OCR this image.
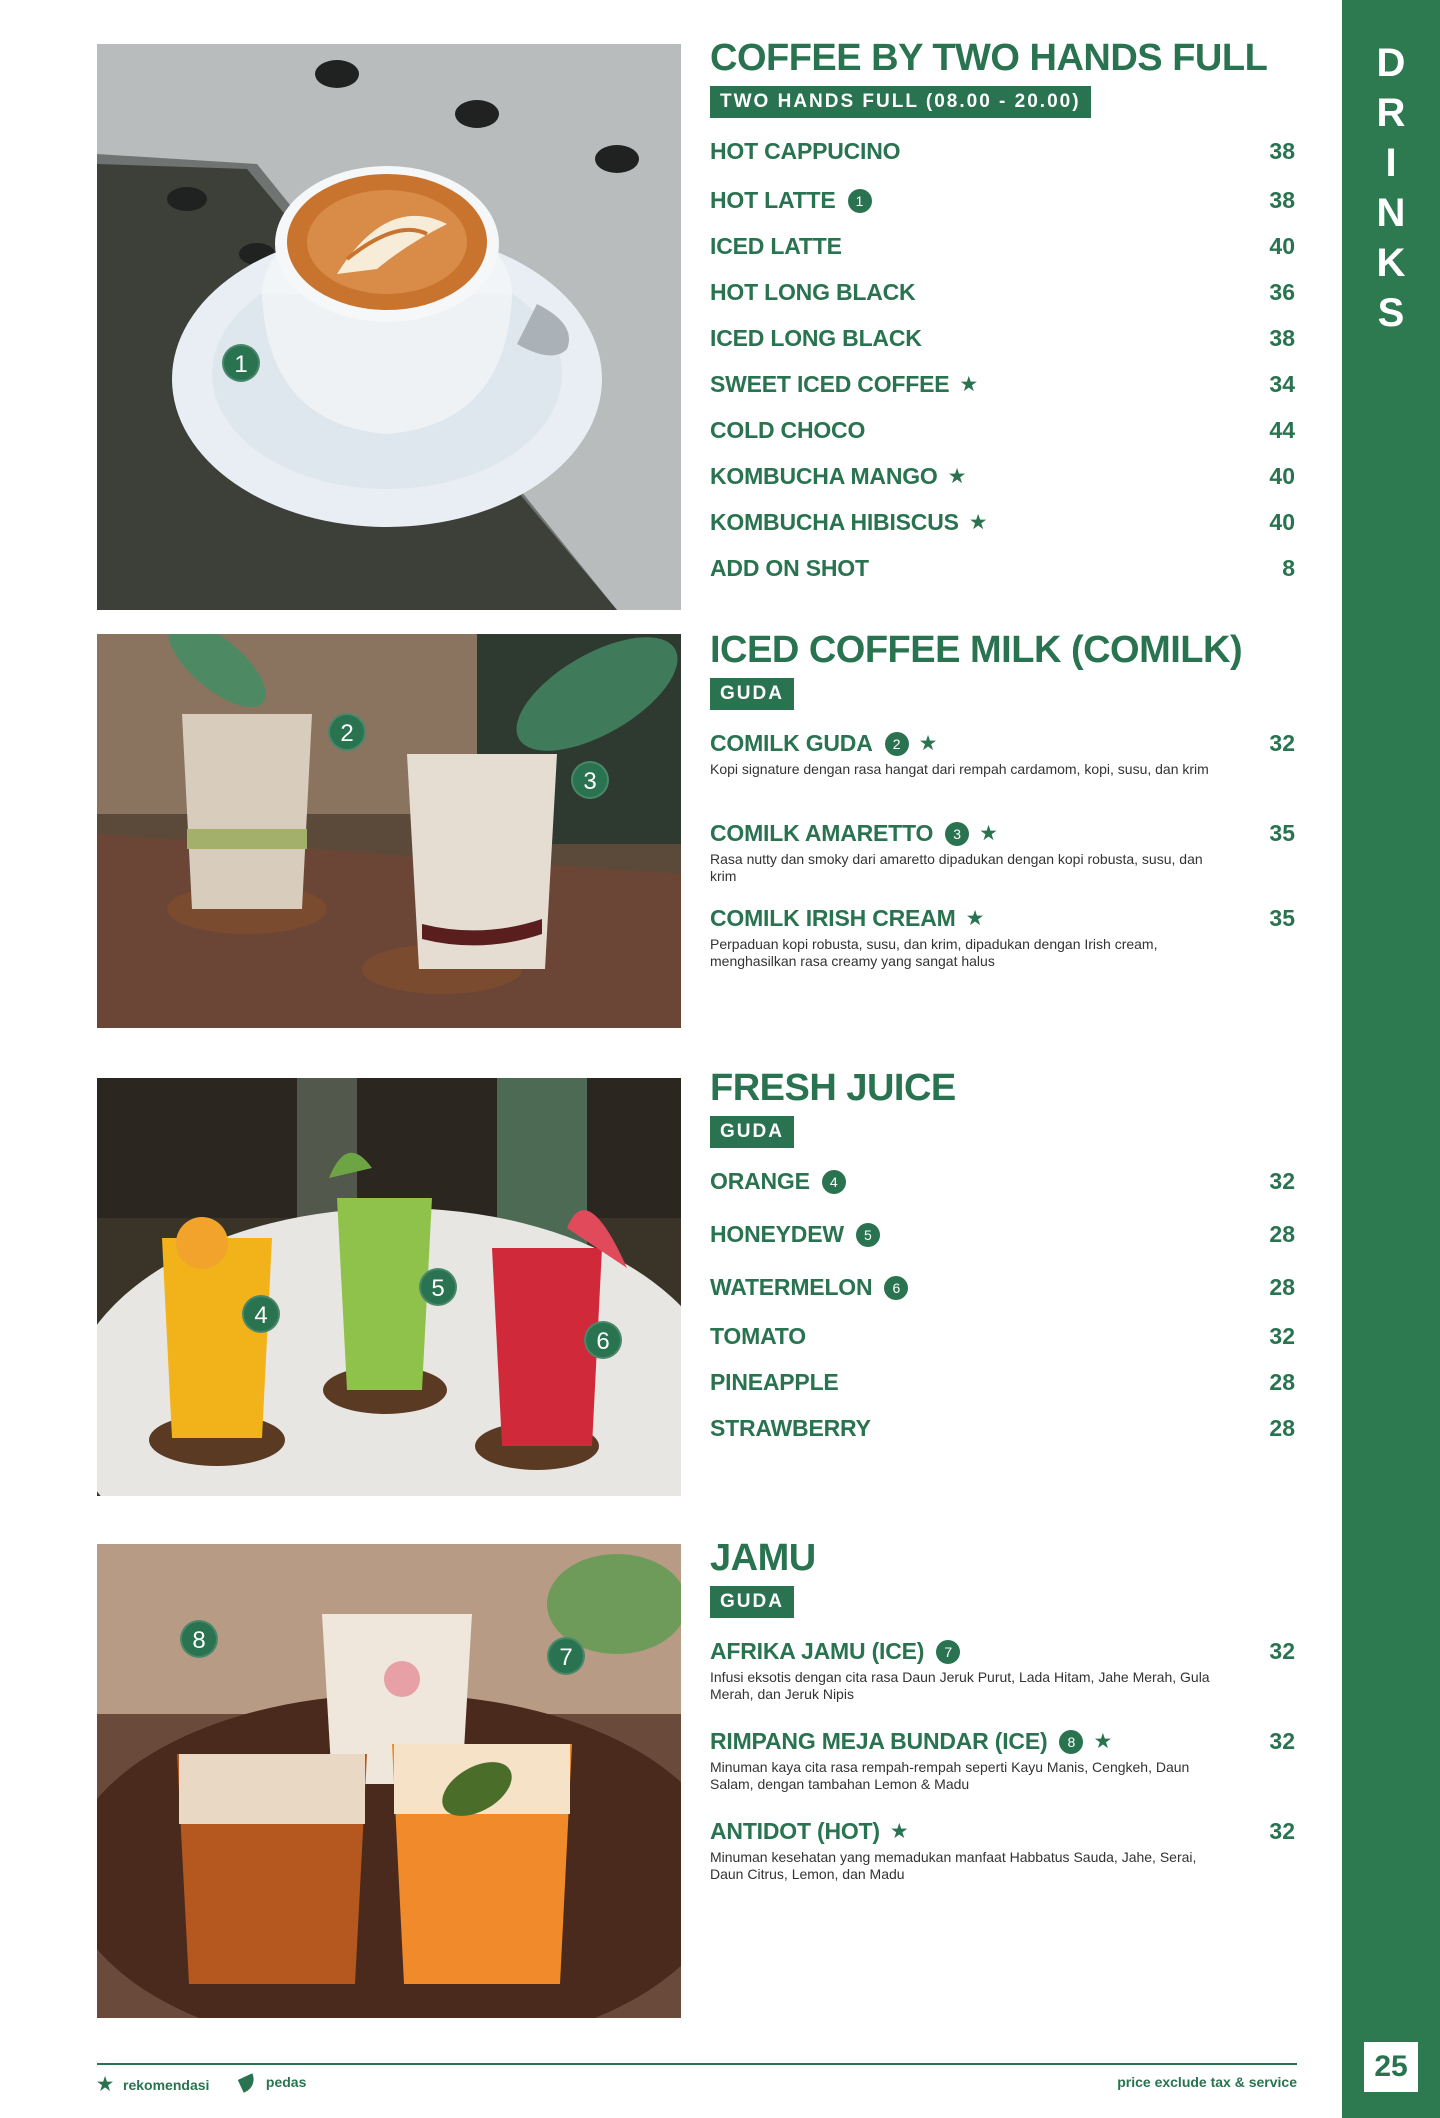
D
R
I
N
K
S
25
1
2
3
4
5
6
8
7
COFFEE BY TWO HANDS FULL
TWO HANDS FULL (08.00 - 20.00)
HOT CAPPUCINO	38
HOT LATTE	1	38
ICED LATTE	40
HOT LONG BLACK	36
ICED LONG BLACK	38
SWEET ICED COFFEE ★	34
COLD CHOCO	44
KOMBUCHA MANGO ★	40
KOMBUCHA HIBISCUS ★	40
ADD ON SHOT	8
ICED COFFEE MILK (COMILK)
GUDA
COMILK GUDA	2 ★	32
Kopi signature dengan rasa hangat dari rempah cardamom, kopi, susu, dan krim
COMILK AMARETTO	3 ★	35
Rasa nutty dan smoky dari amaretto dipadukan dengan kopi robusta, susu, dan krim
COMILK IRISH CREAM ★	35
Perpaduan kopi robusta, susu, dan krim, dipadukan dengan Irish cream, menghasilkan rasa creamy yang sangat halus
FRESH JUICE
GUDA
ORANGE	4	32
HONEYDEW	5	28
WATERMELON	6	28
TOMATO	32
PINEAPPLE	28
STRAWBERRY	28
JAMU
GUDA
AFRIKA JAMU (ICE)	7	32
Infusi eksotis dengan cita rasa Daun Jeruk Purut, Lada Hitam, Jahe Merah, Gula Merah, dan Jeruk Nipis
RIMPANG MEJA BUNDAR (ICE)	8 ★	32
Minuman kaya cita rasa rempah-rempah seperti Kayu Manis, Cengkeh, Daun Salam, dengan tambahan Lemon & Madu
ANTIDOT (HOT) ★	32
Minuman kesehatan yang memadukan manfaat Habbatus Sauda, Jahe, Serai, Daun Citrus, Lemon, dan Madu
★ rekomendasi	pedas	price exclude tax & service
